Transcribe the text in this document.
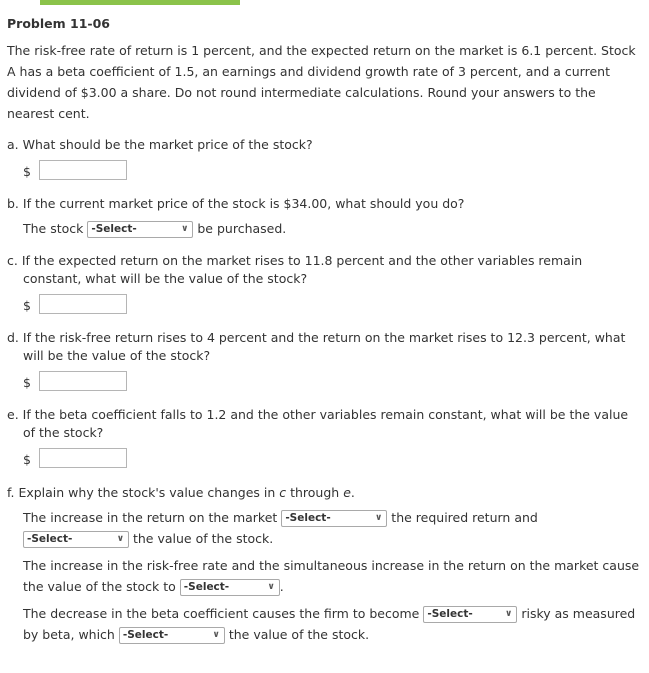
Problem 11-06
The risk-free rate of return is 1 percent, and the expected return on the market is 6.1 percent. Stock
A has a beta coefficient of 1.5, an earnings and dividend growth rate of 3 percent, and a current
dividend of $3.00 a share. Do not round intermediate calculations. Round your answers to the
nearest cent.
a. What should be the market price of the stock?
$
b. If the current market price of the stock is $34.00, what should you do?
The stock -Select-	∨ be purchased.
c. If the expected return on the market rises to 11.8 percent and the other variables remain
constant, what will be the value of the stock?
$
d. If the risk-free return rises to 4 percent and the return on the market rises to 12.3 percent, what
will be the value of the stock?
$
e. If the beta coefficient falls to 1.2 and the other variables remain constant, what will be the value
of the stock?
$
f. Explain why the stock's value changes in c through e.
The increase in the return on the market -Select-	∨ the required return and
-Select-	∨ the value of the stock.
The increase in the risk-free rate and the simultaneous increase in the return on the market cause
the value of the stock to -Select-	∨ .
The decrease in the beta coefficient causes the firm to become -Select-	∨ risky as measured
by beta, which -Select-	∨ the value of the stock.
